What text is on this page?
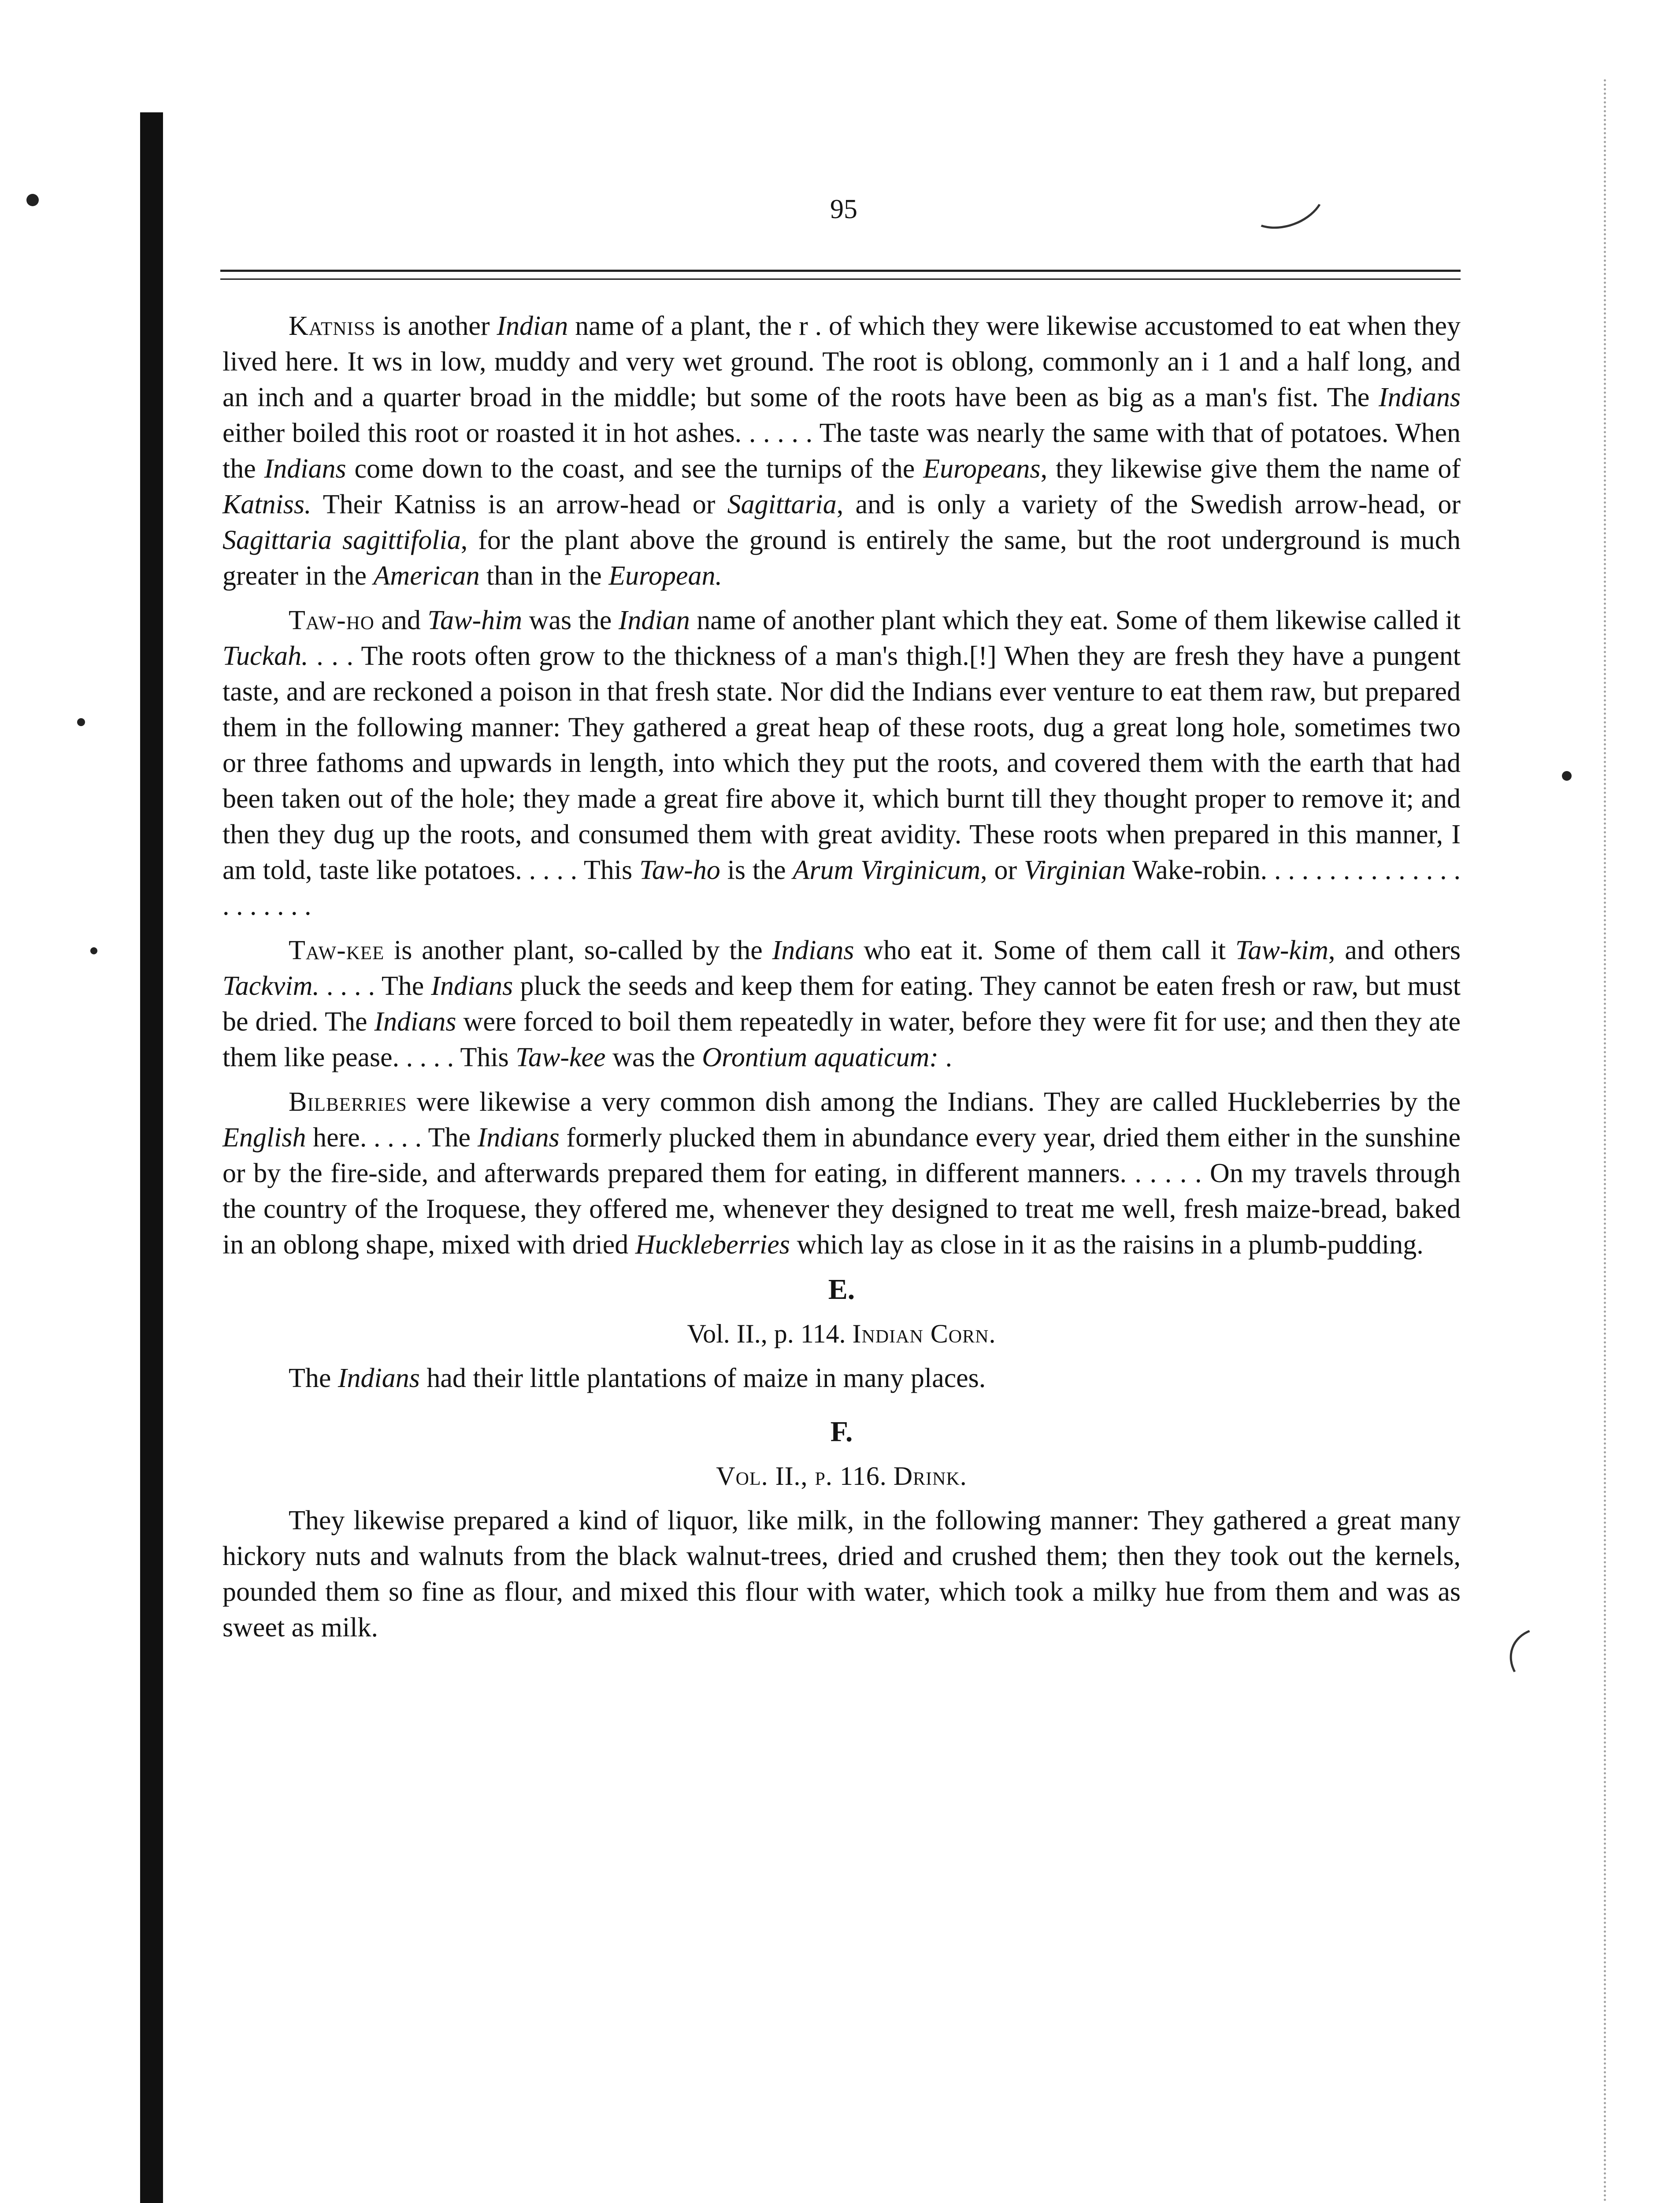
95

Katniss is another Indian name of a plant, the r . of which they were likewise accustomed to eat when they lived here. It ws in low, muddy and very wet ground. The root is oblong, commonly an i 1 and a half long, and an inch and a quarter broad in the middle; but some of the roots have been as big as a man's fist. The Indians either boiled this root or roasted it in hot ashes. . . . . . The taste was nearly the same with that of potatoes. When the Indians come down to the coast, and see the turnips of the Europeans, they likewise give them the name of Katniss. Their Katniss is an arrow-head or Sagittaria, and is only a variety of the Swedish arrow-head, or Sagittaria sagittifolia, for the plant above the ground is entirely the same, but the root underground is much greater in the American than in the European.

Taw-ho and Taw-him was the Indian name of another plant which they eat. Some of them likewise called it Tuckah. . . . The roots often grow to the thickness of a man's thigh.[!] When they are fresh they have a pungent taste, and are reckoned a poison in that fresh state. Nor did the Indians ever venture to eat them raw, but prepared them in the following manner: They gathered a great heap of these roots, dug a great long hole, sometimes two or three fathoms and upwards in length, into which they put the roots, and covered them with the earth that had been taken out of the hole; they made a great fire above it, which burnt till they thought proper to remove it; and then they dug up the roots, and consumed them with great avidity. These roots when prepared in this manner, I am told, taste like potatoes. . . . . This Taw-ho is the Arum Virginicum, or Virginian Wake-robin. . . . . . . . . . . . . . . . . . . . . .

Taw-kee is another plant, so-called by the Indians who eat it. Some of them call it Taw-kim, and others Tackvim. . . . . The Indians pluck the seeds and keep them for eating. They cannot be eaten fresh or raw, but must be dried. The Indians were forced to boil them repeatedly in water, before they were fit for use; and then they ate them like pease. . . . . This Taw-kee was the Orontium aquaticum: .

Bilberries were likewise a very common dish among the Indians. They are called Huckleberries by the English here. . . . . The Indians formerly plucked them in abundance every year, dried them either in the sunshine or by the fire-side, and afterwards prepared them for eating, in different manners. . . . . . On my travels through the country of the Iroquese, they offered me, whenever they designed to treat me well, fresh maize-bread, baked in an oblong shape, mixed with dried Huckleberries which lay as close in it as the raisins in a plumb-pudding.

E.

Vol. II., p. 114. Indian Corn.

The Indians had their little plantations of maize in many places.

F.

Vol. II., p. 116. Drink.

They likewise prepared a kind of liquor, like milk, in the following manner: They gathered a great many hickory nuts and walnuts from the black walnut-trees, dried and crushed them; then they took out the kernels, pounded them so fine as flour, and mixed this flour with water, which took a milky hue from them and was as sweet as milk.
